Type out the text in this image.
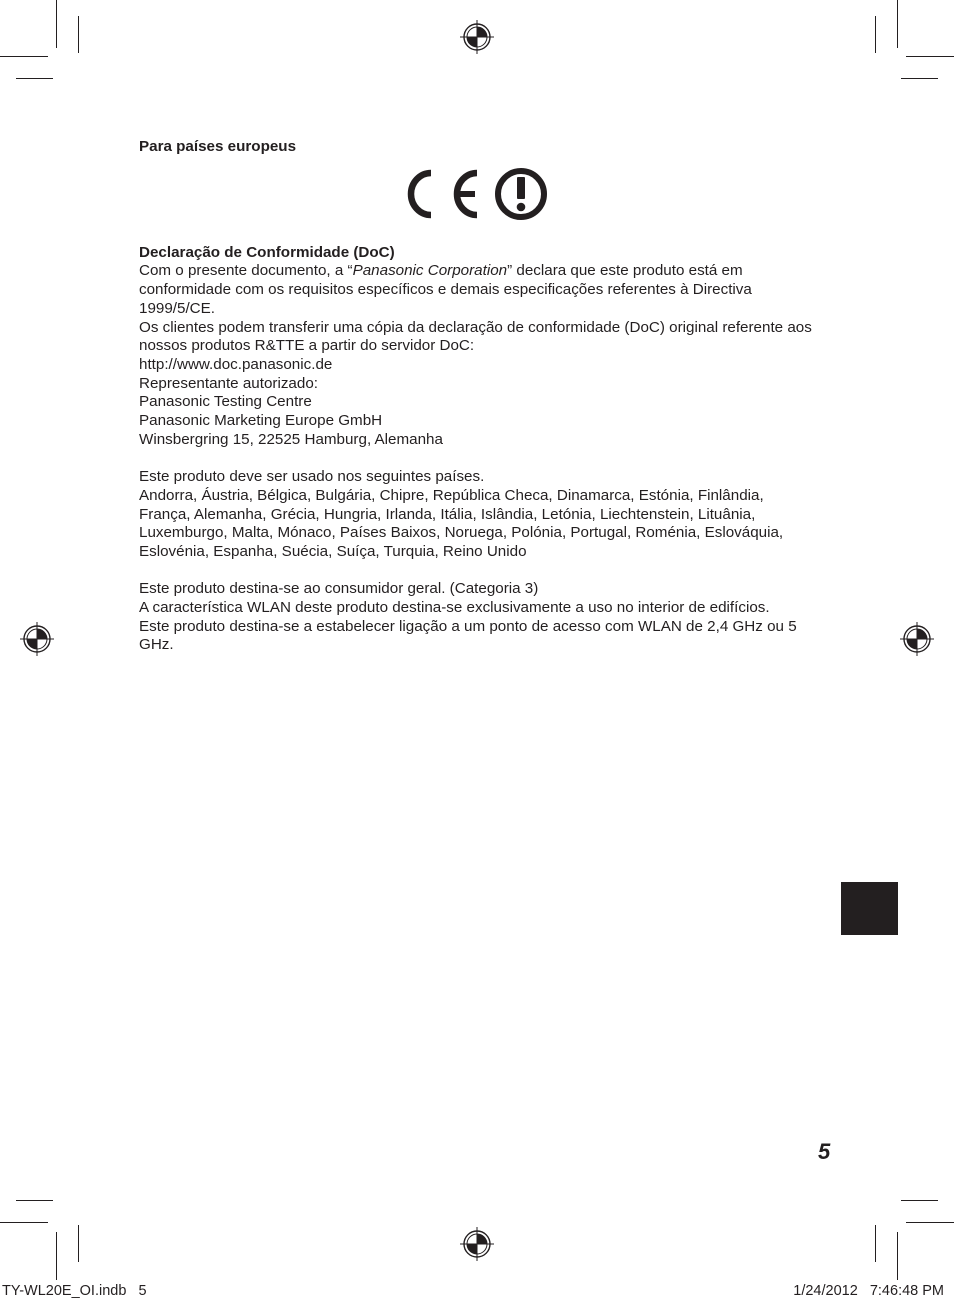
Para países europeus

Declaração de Conformidade (DoC)

Com o presente documento, a “Panasonic Corporation” declara que este produto está em conformidade com os requisitos específicos e demais especificações referentes à Directiva 1999/5/CE.

Os clientes podem transferir uma cópia da declaração de conformidade (DoC) original referente aos nossos produtos R&TTE a partir do servidor DoC:

http://www.doc.panasonic.de

Representante autorizado:

Panasonic Testing Centre

Panasonic Marketing Europe GmbH

Winsbergring 15, 22525 Hamburg, Alemanha

Este produto deve ser usado nos seguintes países.

Andorra, Áustria, Bélgica, Bulgária, Chipre, República Checa, Dinamarca, Estónia, Finlândia, França, Alemanha, Grécia, Hungria, Irlanda, Itália, Islândia, Letónia, Liechtenstein, Lituânia, Luxemburgo, Malta, Mónaco, Países Baixos, Noruega, Polónia, Portugal, Roménia, Eslováquia, Eslovénia, Espanha, Suécia, Suíça, Turquia, Reino Unido

Este produto destina-se ao consumidor geral. (Categoria 3)

A característica WLAN deste produto destina-se exclusivamente a uso no interior de edifícios.

Este produto destina-se a estabelecer ligação a um ponto de acesso com WLAN de 2,4 GHz ou 5 GHz.

5
TY-WL20E_OI.indb   5	1/24/2012   7:46:48 PM
